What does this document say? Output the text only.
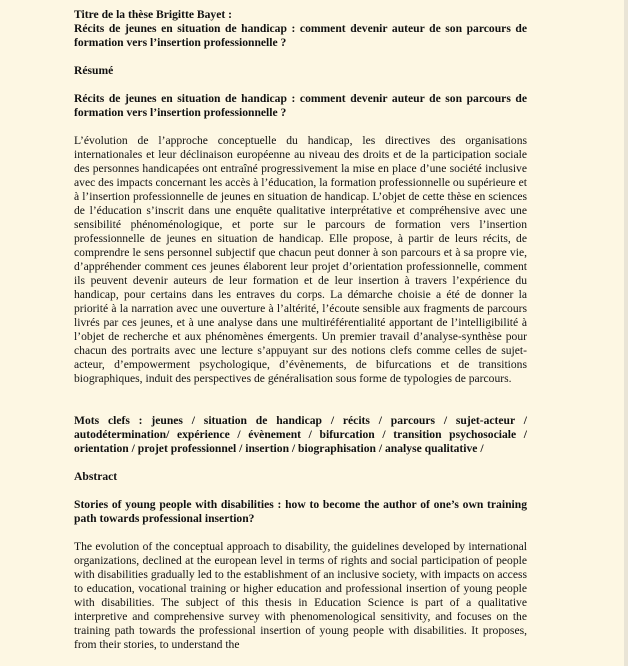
Titre de la thèse Brigitte Bayet :

Récits de jeunes en situation de handicap : comment devenir auteur de son parcours de formation vers l’insertion professionnelle ?

Résumé

Récits de jeunes en situation de handicap : comment devenir auteur de son parcours de formation vers l’insertion professionnelle ?

L’évolution de l’approche conceptuelle du handicap, les directives des organisations internationales et leur déclinaison européenne au niveau des droits et de la participation sociale des personnes handicapées ont entraîné progressivement la mise en place d’une société inclusive avec des impacts concernant les accès à l’éducation, la formation professionnelle ou supérieure et à l’insertion professionnelle de jeunes en situation de handicap. L’objet de cette thèse en sciences de l’éducation s’inscrit dans une enquête qualitative interprétative et compréhensive avec une sensibilité phénoménologique, et porte sur le parcours de formation vers l’insertion professionnelle de jeunes en situation de handicap. Elle propose, à partir de leurs récits, de comprendre le sens personnel subjectif que chacun peut donner à son parcours et à sa propre vie, d’appréhender comment ces jeunes élaborent leur projet d’orientation professionnelle, comment ils peuvent devenir auteurs de leur formation et de leur insertion à travers l’expérience du handicap, pour certains dans les entraves du corps. La démarche choisie a été de donner la priorité à la narration avec une ouverture à l’altérité, l’écoute sensible aux fragments de parcours livrés par ces jeunes, et à une analyse dans une multiréférentialité apportant de l’intelligibilité à l’objet de recherche et aux phénomènes émergents. Un premier travail d’analyse-synthèse pour chacun des portraits avec une lecture s’appuyant sur des notions clefs comme celles de sujet-acteur, d’empowerment psychologique, d’évènements, de bifurcations et de transitions biographiques, induit des perspectives de généralisation sous forme de typologies de parcours.

Mots clefs : jeunes / situation de handicap / récits / parcours / sujet-acteur / autodétermination/ expérience / évènement / bifurcation / transition psychosociale / orientation / projet professionnel / insertion / biographisation / analyse qualitative /

Abstract

Stories of young people with disabilities : how to become the author of one’s own training path towards professional insertion?

The evolution of the conceptual approach to disability, the guidelines developed by international organizations, declined at the european level in terms of rights and social participation of people with disabilities gradually led to the establishment of an inclusive society, with impacts on access to education, vocational training or higher education and professional insertion of young people with disabilities. The subject of this thesis in Education Science is part of a qualitative interpretive and comprehensive survey with phenomenological sensitivity, and focuses on the training path towards the professional insertion of young people with disabilities. It proposes, from their stories, to understand the
